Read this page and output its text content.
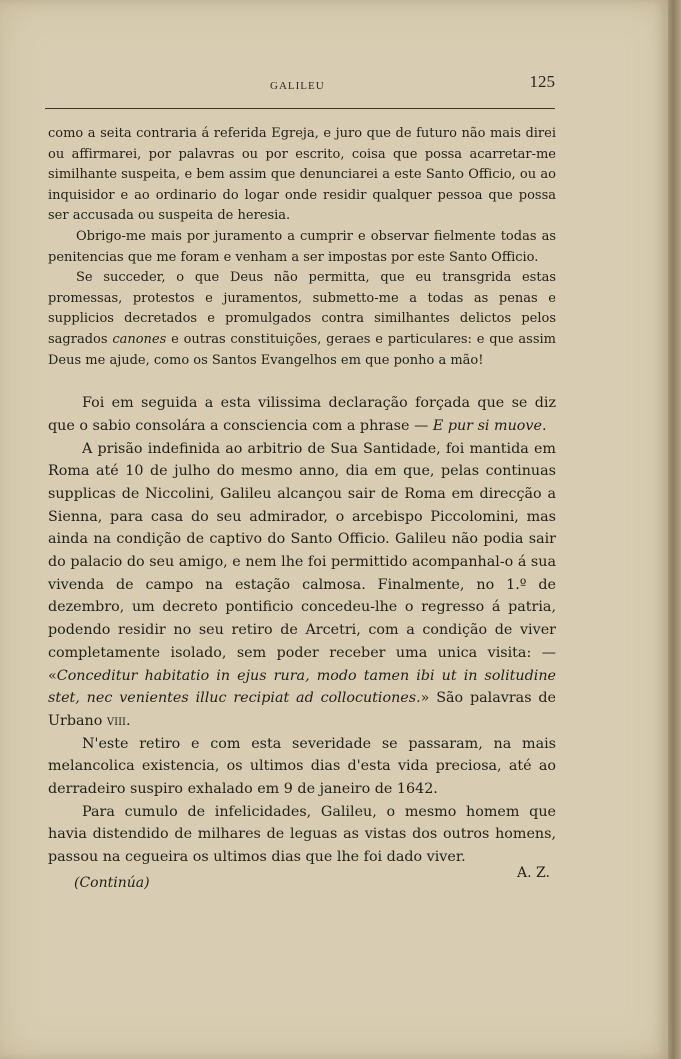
GALILEU	125

como a seita contraria á referida Egreja, e juro que de futuro não mais direi ou affirmarei, por palavras ou por escrito, coisa que possa acarretar-me similhante suspeita, e bem assim que denunciarei a este Santo Officio, ou ao inquisidor e ao ordinario do logar onde residir qualquer pessoa que possa ser accusada ou suspeita de heresia.

Obrigo-me mais por juramento a cumprir e observar fielmente todas as penitencias que me foram e venham a ser impostas por este Santo Officio.

Se succeder, o que Deus não permitta, que eu transgrida estas promessas, protestos e juramentos, submetto-me a todas as penas e supplicios decretados e promulgados contra similhantes delictos pelos sagrados canones e outras constituições, geraes e particulares: e que assim Deus me ajude, como os Santos Evangelhos em que ponho a mão!

Foi em seguida a esta vilissima declaração forçada que se diz que o sabio consolára a consciencia com a phrase — E pur si muove.

A prisão indefinida ao arbitrio de Sua Santidade, foi mantida em Roma até 10 de julho do mesmo anno, dia em que, pelas continuas supplicas de Niccolini, Galileu alcançou sair de Roma em direcção a Sienna, para casa do seu admirador, o arcebispo Piccolomini, mas ainda na condição de captivo do Santo Officio. Galileu não podia sair do palacio do seu amigo, e nem lhe foi permittido acompanhal-o á sua vivenda de campo na estação calmosa. Finalmente, no 1.º de dezembro, um decreto pontificio concedeu-lhe o regresso á patria, podendo residir no seu retiro de Arcetri, com a condição de viver completamente isolado, sem poder receber uma unica visita: — «Conceditur habitatio in ejus rura, modo tamen ibi ut in solitudine stet, nec venientes illuc recipiat ad collocutiones.» São palavras de Urbano viii.

N'este retiro e com esta severidade se passaram, na mais melancolica existencia, os ultimos dias d'esta vida preciosa, até ao derradeiro suspiro exhalado em 9 de janeiro de 1642.

Para cumulo de infelicidades, Galileu, o mesmo homem que havia distendido de milhares de leguas as vistas dos outros homens, passou na cegueira os ultimos dias que lhe foi dado viver.

(Continúa)
A. Z.
